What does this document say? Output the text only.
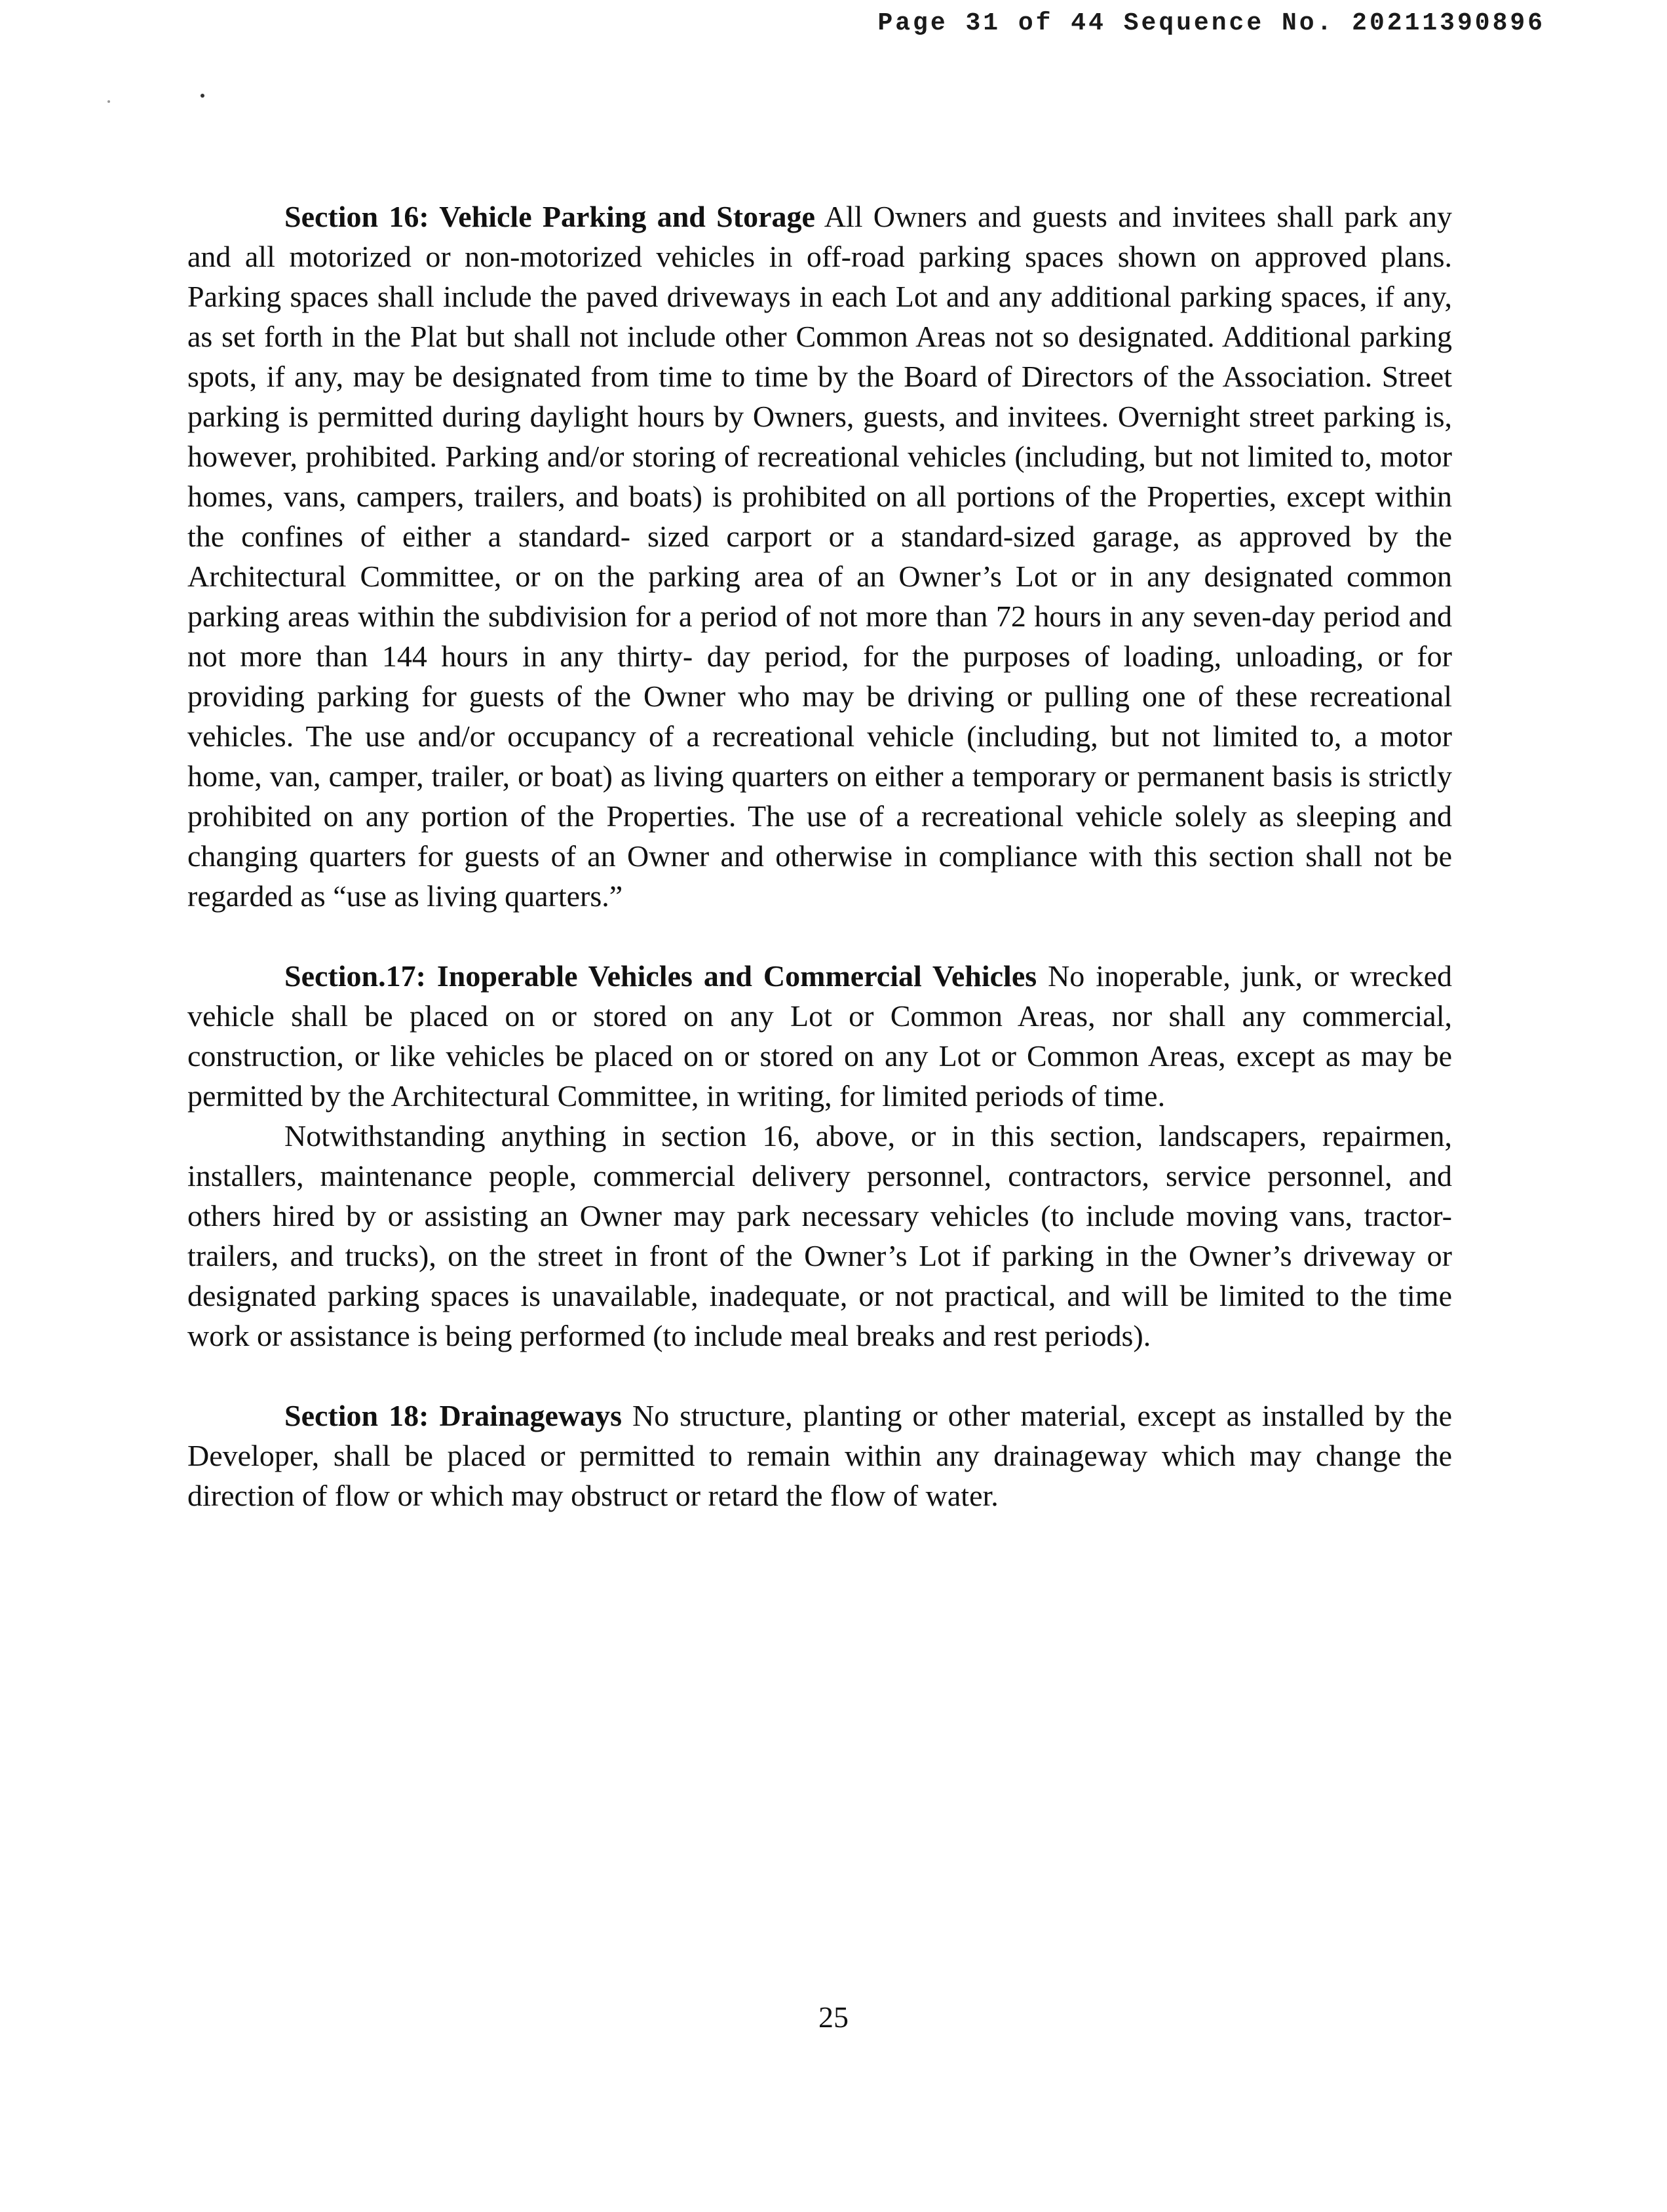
Page 31 of 44 Sequence No. 20211390896

Section 16: Vehicle Parking and Storage All Owners and guests and invitees shall park any and all motorized or non-motorized vehicles in off-road parking spaces shown on approved plans. Parking spaces shall include the paved driveways in each Lot and any additional parking spaces, if any, as set forth in the Plat but shall not include other Common Areas not so designated. Additional parking spots, if any, may be designated from time to time by the Board of Directors of the Association. Street parking is permitted during daylight hours by Owners, guests, and invitees. Overnight street parking is, however, prohibited. Parking and/or storing of recreational vehicles (including, but not limited to, motor homes, vans, campers, trailers, and boats) is prohibited on all portions of the Properties, except within the confines of either a standard- sized carport or a standard-sized garage, as approved by the Architectural Committee, or on the parking area of an Owner’s Lot or in any designated common parking areas within the subdivision for a period of not more than 72 hours in any seven-day period and not more than 144 hours in any thirty- day period, for the purposes of loading, unloading, or for providing parking for guests of the Owner who may be driving or pulling one of these recreational vehicles. The use and/or occupancy of a recreational vehicle (including, but not limited to, a motor home, van, camper, trailer, or boat) as living quarters on either a temporary or permanent basis is strictly prohibited on any portion of the Properties. The use of a recreational vehicle solely as sleeping and changing quarters for guests of an Owner and otherwise in compliance with this section shall not be regarded as “use as living quarters.”

Section.17: Inoperable Vehicles and Commercial Vehicles No inoperable, junk, or wrecked vehicle shall be placed on or stored on any Lot or Common Areas, nor shall any commercial, construction, or like vehicles be placed on or stored on any Lot or Common Areas, except as may be permitted by the Architectural Committee, in writing, for limited periods of time.

Notwithstanding anything in section 16, above, or in this section, landscapers, repairmen, installers, maintenance people, commercial delivery personnel, contractors, service personnel, and others hired by or assisting an Owner may park necessary vehicles (to include moving vans, tractor-trailers, and trucks), on the street in front of the Owner’s Lot if parking in the Owner’s driveway or designated parking spaces is unavailable, inadequate, or not practical, and will be limited to the time work or assistance is being performed (to include meal breaks and rest periods).

Section 18: Drainageways No structure, planting or other material, except as installed by the Developer, shall be placed or permitted to remain within any drainageway which may change the direction of flow or which may obstruct or retard the flow of water.

25
